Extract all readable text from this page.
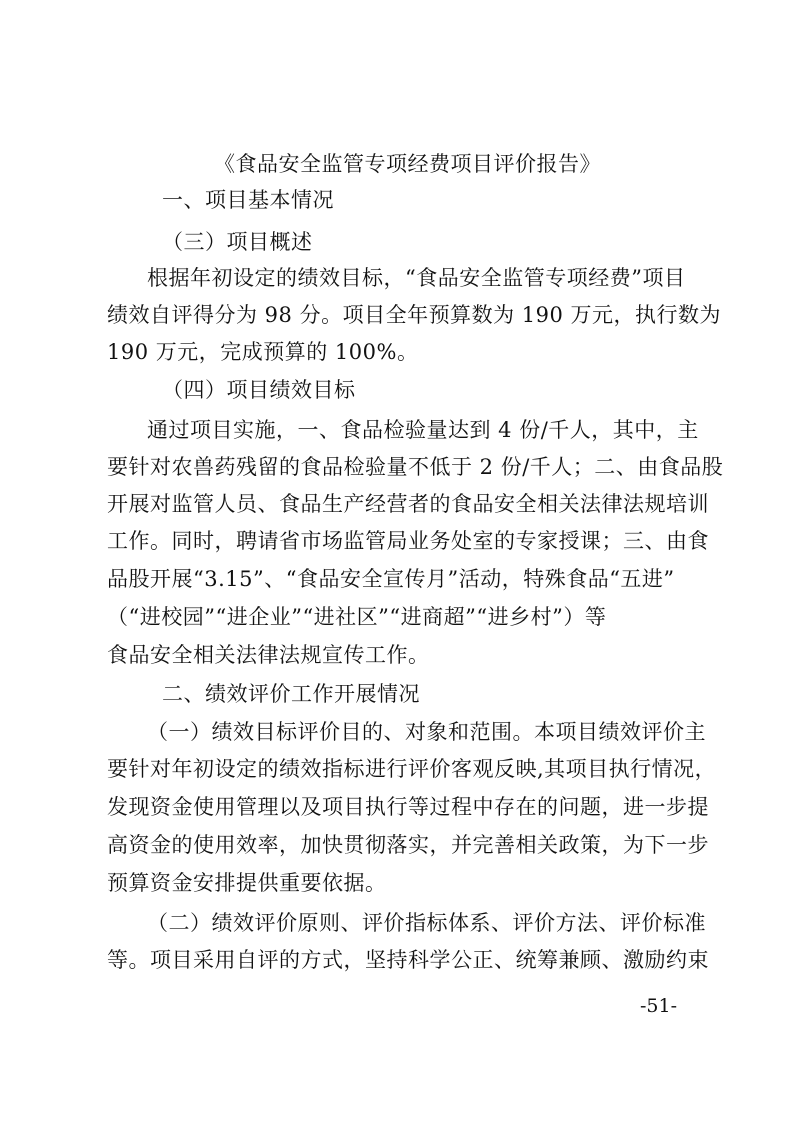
《食品安全监管专项经费项目评价报告》
一、项目基本情况
（三）项目概述
根据年初设定的绩效目标，“食品安全监管专项经费”项目
绩效自评得分为 98 分。项目全年预算数为 190 万元，执行数为
190 万元，完成预算的 100%。
（四）项目绩效目标
通过项目实施，一、食品检验量达到 4 份/千人，其中，主
要针对农兽药残留的食品检验量不低于 2 份/千人；二、由食品股
开展对监管人员、食品生产经营者的食品安全相关法律法规培训
工作。同时，聘请省市场监管局业务处室的专家授课；三、由食
品股开展“3.15”、“食品安全宣传月”活动，特殊食品“五进”
（“进校园”“进企业”“进社区”“进商超”“进乡村”）等
食品安全相关法律法规宣传工作。
二、绩效评价工作开展情况
（一）绩效目标评价目的、对象和范围。本项目绩效评价主
要针对年初设定的绩效指标进行评价客观反映,其项目执行情况，
发现资金使用管理以及项目执行等过程中存在的问题，进一步提
高资金的使用效率，加快贯彻落实，并完善相关政策，为下一步
预算资金安排提供重要依据。
（二）绩效评价原则、评价指标体系、评价方法、评价标准
等。项目采用自评的方式，坚持科学公正、统筹兼顾、激励约束
-51-
